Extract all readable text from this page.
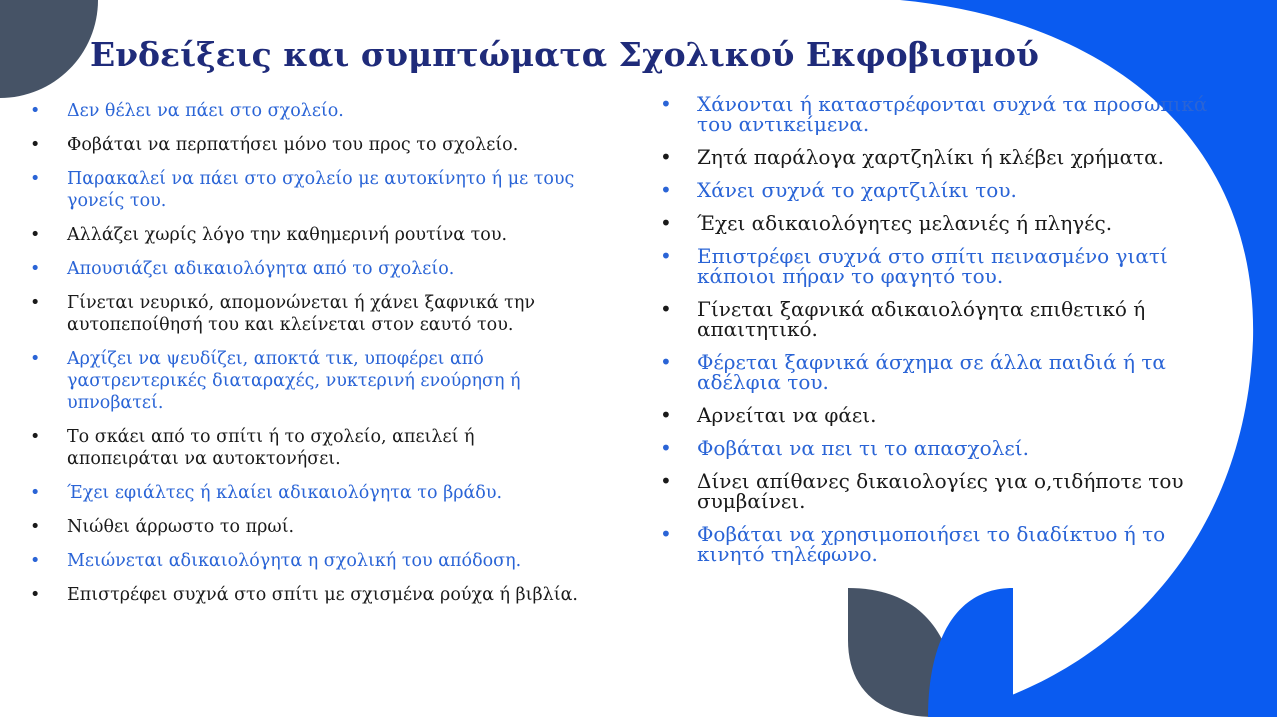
Ενδείξεις και συμπτώματα Σχολικού Εκφοβισμού
• Δεν θέλει να πάει στο σχολείο.
• Φοβάται να περπατήσει μόνο του προς το σχολείο.
• Παρακαλεί να πάει στο σχολείο με αυτοκίνητο ή με τους γονείς του.
• Αλλάζει χωρίς λόγο την καθημερινή ρουτίνα του.
• Απουσιάζει αδικαιολόγητα από το σχολείο.
• Γίνεται νευρικό, απομονώνεται ή χάνει ξαφνικά την αυτοπεποίθησή του και κλείνεται στον εαυτό του.
• Αρχίζει να ψευδίζει, αποκτά τικ, υποφέρει από γαστρεντερικές διαταραχές, νυκτερινή ενούρηση ή υπνοβατεί.
• Το σκάει από το σπίτι ή το σχολείο, απειλεί ή αποπειράται να αυτοκτονήσει.
• Έχει εφιάλτες ή κλαίει αδικαιολόγητα το βράδυ.
• Νιώθει άρρωστο το πρωί.
• Μειώνεται αδικαιολόγητα η σχολική του απόδοση.
• Επιστρέφει συχνά στο σπίτι με σχισμένα ρούχα ή βιβλία.
• Χάνονται ή καταστρέφονται συχνά τα προσωπικά του αντικείμενα.
• Ζητά παράλογα χαρτζηλίκι ή κλέβει χρήματα.
• Χάνει συχνά το χαρτζιλίκι του.
• Έχει αδικαιολόγητες μελανιές ή πληγές.
• Επιστρέφει συχνά στο σπίτι πεινασμένο γιατί κάποιοι πήραν το φαγητό του.
• Γίνεται ξαφνικά αδικαιολόγητα επιθετικό ή απαιτητικό.
• Φέρεται ξαφνικά άσχημα σε άλλα παιδιά ή τα αδέλφια του.
• Αρνείται να φάει.
• Φοβάται να πει τι το απασχολεί.
• Δίνει απίθανες δικαιολογίες για ο,τιδήποτε του συμβαίνει.
• Φοβάται να χρησιμοποιήσει το διαδίκτυο ή το κινητό τηλέφωνο.
